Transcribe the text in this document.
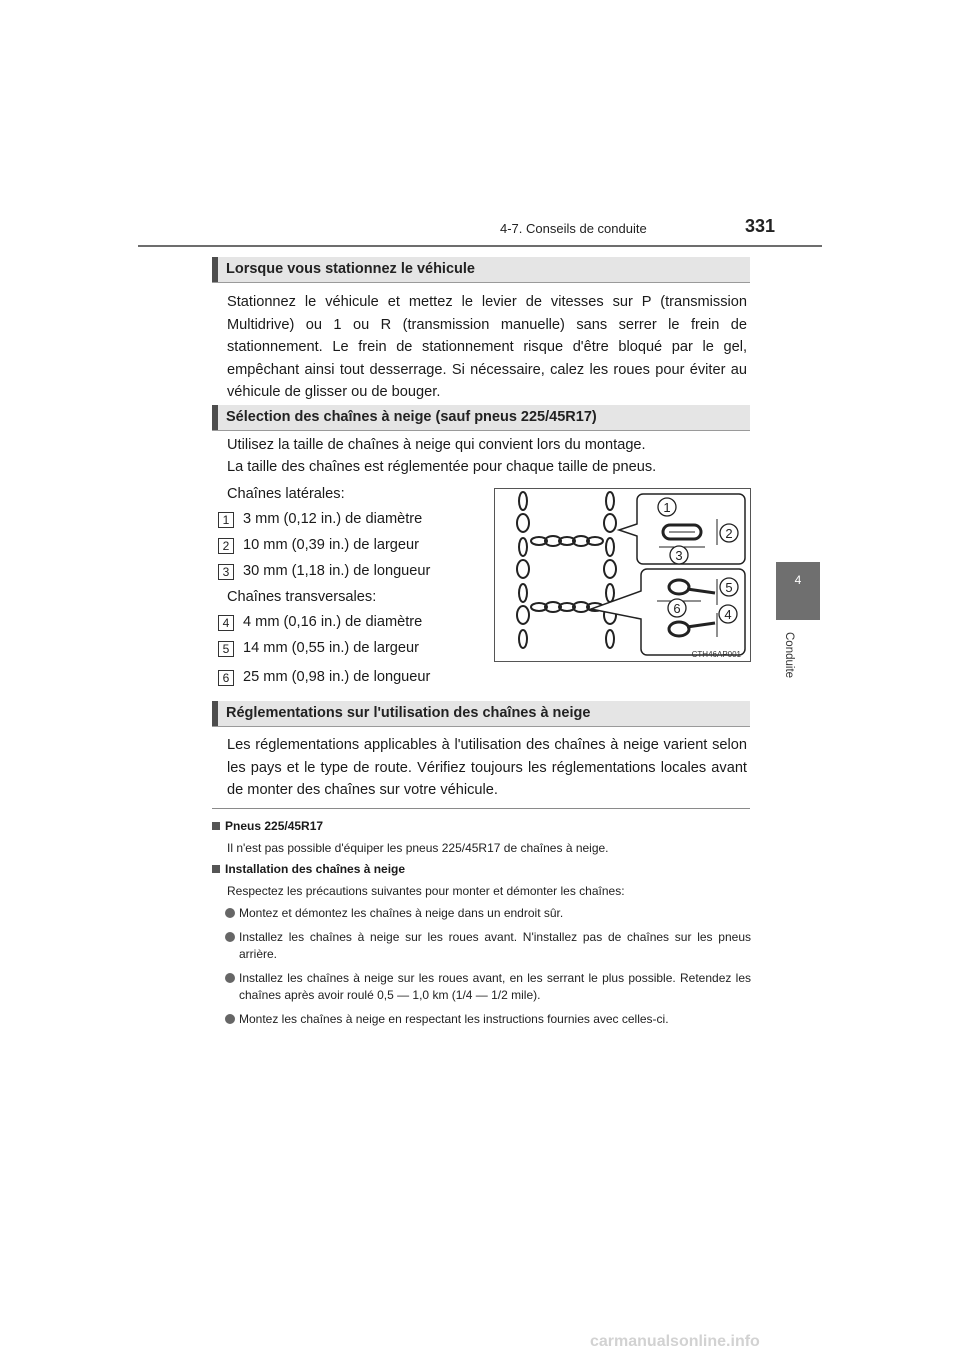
4-7. Conseils de conduite	331
4
Conduite
Lorsque vous stationnez le véhicule
Stationnez le véhicule et mettez le levier de vitesses sur P (transmission Multidrive) ou 1 ou R (transmission manuelle) sans serrer le frein de stationnement. Le frein de stationnement risque d'être bloqué par le gel, empêchant ainsi tout desserrage. Si nécessaire, calez les roues pour éviter au véhicule de glisser ou de bouger.
Sélection des chaînes à neige (sauf pneus 225/45R17)
Utilisez la taille de chaînes à neige qui convient lors du montage.
La taille des chaînes est réglementée pour chaque taille de pneus.
Chaînes latérales:
1 3 mm (0,12 in.) de diamètre
2 10 mm (0,39 in.) de largeur
3 30 mm (1,18 in.) de longueur
Chaînes transversales:
4 4 mm (0,16 in.) de diamètre
5 14 mm (0,55 in.) de largeur
6 25 mm (0,98 in.) de longueur
1
2
3
4
5
6
CTH46AP001
Réglementations sur l'utilisation des chaînes à neige
Les réglementations applicables à l'utilisation des chaînes à neige varient selon les pays et le type de route. Vérifiez toujours les réglementations locales avant de monter des chaînes sur votre véhicule.
Pneus 225/45R17
Il n'est pas possible d'équiper les pneus 225/45R17 de chaînes à neige.
Installation des chaînes à neige
Respectez les précautions suivantes pour monter et démonter les chaînes:
Montez et démontez les chaînes à neige dans un endroit sûr.
Installez les chaînes à neige sur les roues avant. N'installez pas de chaînes sur les pneus arrière.
Installez les chaînes à neige sur les roues avant, en les serrant le plus possible. Retendez les chaînes après avoir roulé 0,5 — 1,0 km (1/4 — 1/2 mile).
Montez les chaînes à neige en respectant les instructions fournies avec celles-ci.
carmanualsonline.info
